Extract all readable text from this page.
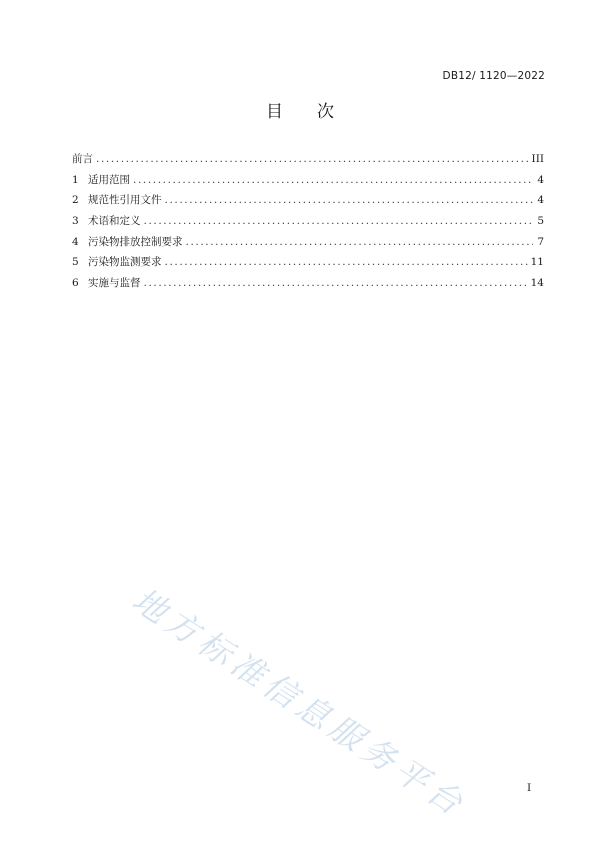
DB12/ 1120—2022
目 次
前言 .....	III
1 适用范围 .....	4
2 规范性引用文件 .....	4
3 术语和定义 .....	5
4 污染物排放控制要求 .....	7
5 污染物监测要求 .....	11
6 实施与监督 .....	14
地方标准信息服务平台	I
